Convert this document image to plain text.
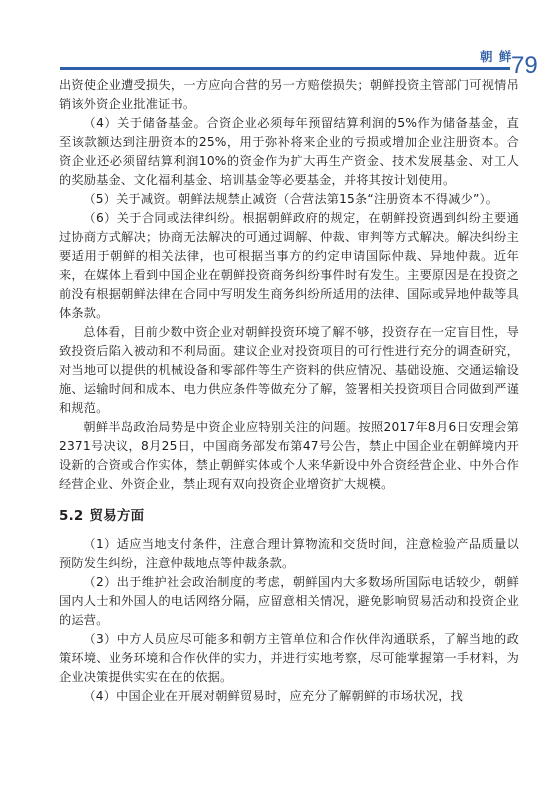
朝 鲜
79

出资使企业遭受损失，一方应向合营的另一方赔偿损失；朝鲜投资主管部门可视情吊销该外资企业批准证书。

（4）关于储备基金。合资企业必须每年预留结算利润的5%作为储备基金，直至该款额达到注册资本的25%，用于弥补将来企业的亏损或增加企业注册资本。合资企业还必须留结算利润10%的资金作为扩大再生产资金、技术发展基金、对工人的奖励基金、文化福利基金、培训基金等必要基金，并将其按计划使用。

（5）关于减资。朝鲜法规禁止减资（合营法第15条“注册资本不得减少”）。

（6）关于合同或法律纠纷。根据朝鲜政府的规定，在朝鲜投资遇到纠纷主要通过协商方式解决；协商无法解决的可通过调解、仲裁、审判等方式解决。解决纠纷主要适用于朝鲜的相关法律，也可根据当事方的约定申请国际仲裁、异地仲裁。近年来，在媒体上看到中国企业在朝鲜投资商务纠纷事件时有发生。主要原因是在投资之前没有根据朝鲜法律在合同中写明发生商务纠纷所适用的法律、国际或异地仲裁等具体条款。

总体看，目前少数中资企业对朝鲜投资环境了解不够，投资存在一定盲目性，导致投资后陷入被动和不利局面。建议企业对投资项目的可行性进行充分的调查研究，对当地可以提供的机械设备和零部件等生产资料的供应情况、基础设施、交通运输设施、运输时间和成本、电力供应条件等做充分了解，签署相关投资项目合同做到严谨和规范。

朝鲜半岛政治局势是中资企业应特别关注的问题。按照2017年8月6日安理会第2371号决议，8月25日，中国商务部发布第47号公告，禁止中国企业在朝鲜境内开设新的合资或合作实体，禁止朝鲜实体或个人来华新设中外合资经营企业、中外合作经营企业、外资企业，禁止现有双向投资企业增资扩大规模。

5.2 贸易方面

（1）适应当地支付条件，注意合理计算物流和交货时间，注意检验产品质量以预防发生纠纷，注意仲裁地点等仲裁条款。

（2）出于维护社会政治制度的考虑，朝鲜国内大多数场所国际电话较少，朝鲜国内人士和外国人的电话网络分隔，应留意相关情况，避免影响贸易活动和投资企业的运营。

（3）中方人员应尽可能多和朝方主管单位和合作伙伴沟通联系，了解当地的政策环境、业务环境和合作伙伴的实力，并进行实地考察，尽可能掌握第一手材料，为企业决策提供实实在在的依据。

（4）中国企业在开展对朝鲜贸易时，应充分了解朝鲜的市场状况，找
